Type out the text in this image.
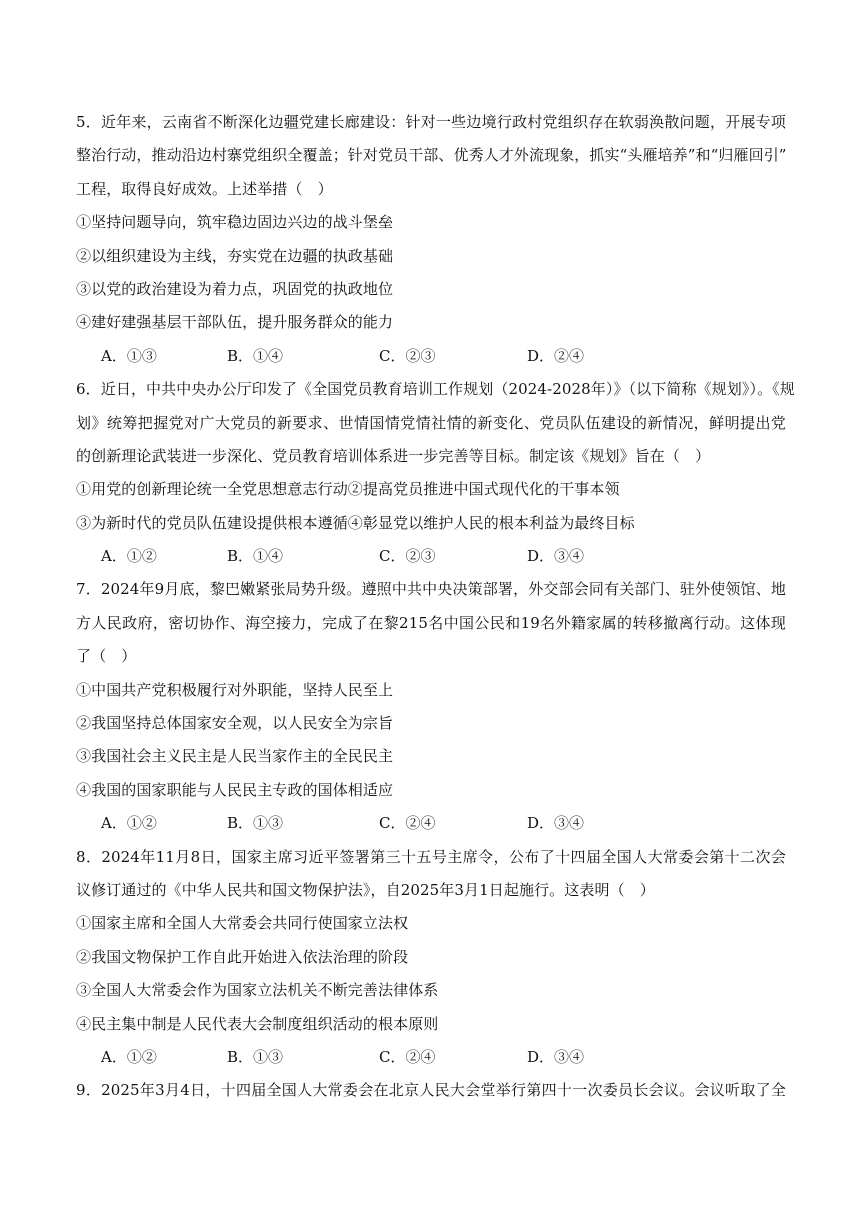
5．近年来，云南省不断深化边疆党建长廊建设：针对一些边境行政村党组织存在软弱涣散问题，开展专项
整治行动，推动沿边村寨党组织全覆盖；针对党员干部、优秀人才外流现象，抓实“头雁培养”和“归雁回引”
工程，取得良好成效。上述举措（　）
①坚持问题导向，筑牢稳边固边兴边的战斗堡垒
②以组织建设为主线，夯实党在边疆的执政基础
③以党的政治建设为着力点，巩固党的执政地位
④建好建强基层干部队伍，提升服务群众的能力
A．①③	B．①④	C．②③	D．②④
6．近日，中共中央办公厅印发了《全国党员教育培训工作规划（2024-2028年）》（以下简称《规划》）。《规
划》统筹把握党对广大党员的新要求、世情国情党情社情的新变化、党员队伍建设的新情况，鲜明提出党
的创新理论武装进一步深化、党员教育培训体系进一步完善等目标。制定该《规划》旨在（　）
①用党的创新理论统一全党思想意志行动②提高党员推进中国式现代化的干事本领
③为新时代的党员队伍建设提供根本遵循④彰显党以维护人民的根本利益为最终目标
A．①②	B．①④	C．②③	D．③④
7．2024年9月底，黎巴嫩紧张局势升级。遵照中共中央决策部署，外交部会同有关部门、驻外使领馆、地
方人民政府，密切协作、海空接力，完成了在黎215名中国公民和19名外籍家属的转移撤离行动。这体现
了（　）
①中国共产党积极履行对外职能，坚持人民至上
②我国坚持总体国家安全观，以人民安全为宗旨
③我国社会主义民主是人民当家作主的全民民主
④我国的国家职能与人民民主专政的国体相适应
A．①②	B．①③	C．②④	D．③④
8．2024年11月8日，国家主席习近平签署第三十五号主席令，公布了十四届全国人大常委会第十二次会
议修订通过的《中华人民共和国文物保护法》，自2025年3月1日起施行。这表明（　）
①国家主席和全国人大常委会共同行使国家立法权
②我国文物保护工作自此开始进入依法治理的阶段
③全国人大常委会作为国家立法机关不断完善法律体系
④民主集中制是人民代表大会制度组织活动的根本原则
A．①②	B．①③	C．②④	D．③④
9．2025年3月4日，十四届全国人大常委会在北京人民大会堂举行第四十一次委员长会议。会议听取了全
